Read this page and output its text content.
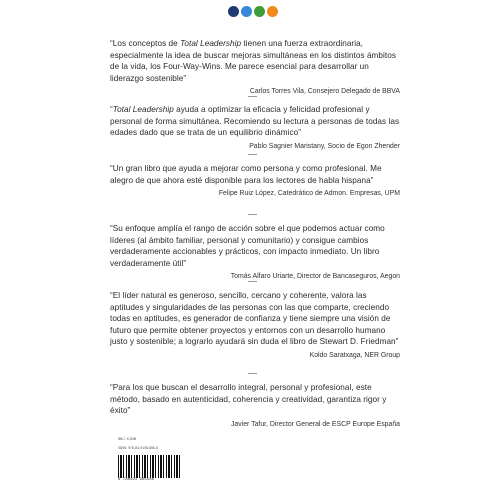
“Los conceptos de Total Leadership tienen una fuerza extraordinaria, especialmente la idea de buscar mejoras simultáneas en los distintos ámbitos de la vida, los Four-Way-Wins. Me parece esencial para desarrollar un liderazgo sostenible”

Carlos Torres Vila, Consejero Delegado de BBVA

“Total Leadership ayuda a optimizar la eficacia y felicidad profesional y personal de forma simultánea. Recomiendo su lectura a personas de todas las edades dado que se trata de un equilibrio dinámico”

Pablo Sagnier Maristany, Socio de Egon Zhender

“Un gran libro que ayuda a mejorar como persona y como profesional. Me alegro de que ahora esté disponible para los lectores de habla hispana”

Felipe Ruiz López, Catedrático de Admon. Empresas, UPM

“Su enfoque amplía el rango de acción sobre el que podemos actuar como líderes (al ámbito familiar, personal y comunitario) y consigue cambios verdaderamente accionables y prácticos, con impacto inmediato. Un libro verdaderamente útil”

Tomás Alfaro Uriarte, Director de Bancaseguros, Aegon

“El líder natural es generoso, sencillo, cercano y coherente, valora las aptitudes y singularidades de las personas con las que comparte, creciendo todas en aptitudes, es generador de confianza y tiene siempre una visión de futuro que permite obtener proyectos y entornos con un desarrollo humano justo y sostenible; a lograrlo ayudará sin duda el libro de Stewart D. Friedman”

Koldo Saratxaga, NER Group

“Para los que buscan el desarrollo integral, personal y profesional, este método, basado en autenticidad, coherencia y creatividad, garantiza rigor y éxito”

Javier Tafur, Director General de ESCP Europe España

IBIC: KJMB

ISBN: 978-84-9198-856-6

9 788491 985566
